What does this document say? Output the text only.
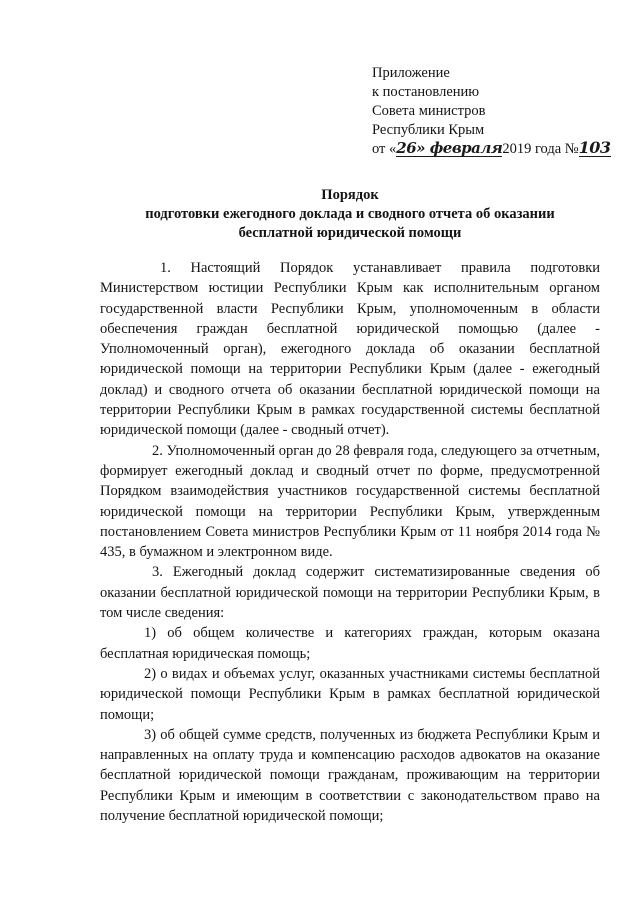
Приложение
к постановлению
Совета министров
Республики Крым
от «26» февраля2019 года №103
Порядок
подготовки ежегодного доклада и сводного отчета об оказании
бесплатной юридической помощи

1. Настоящий Порядок устанавливает правила подготовки Министерством юстиции Республики Крым как исполнительным органом государственной власти Республики Крым, уполномоченным в области обеспечения граждан бесплатной юридической помощью (далее - Уполномоченный орган), ежегодного доклада об оказании бесплатной юридической помощи на территории Республики Крым (далее - ежегодный доклад) и сводного отчета об оказании бесплатной юридической помощи на территории Республики Крым в рамках государственной системы бесплатной юридической помощи (далее - сводный отчет).

2. Уполномоченный орган до 28 февраля года, следующего за отчетным, формирует ежегодный доклад и сводный отчет по форме, предусмотренной Порядком взаимодействия участников государственной системы бесплатной юридической помощи на территории Республики Крым, утвержденным постановлением Совета министров Республики Крым от 11 ноября 2014 года № 435, в бумажном и электронном виде.

3. Ежегодный доклад содержит систематизированные сведения об оказании бесплатной юридической помощи на территории Республики Крым, в том числе сведения:

1) об общем количестве и категориях граждан, которым оказана бесплатная юридическая помощь;

2) о видах и объемах услуг, оказанных участниками системы бесплатной юридической помощи Республики Крым в рамках бесплатной юридической помощи;

3) об общей сумме средств, полученных из бюджета Республики Крым и направленных на оплату труда и компенсацию расходов адвокатов на оказание бесплатной юридической помощи гражданам, проживающим на территории Республики Крым и имеющим в соответствии с законодательством право на получение бесплатной юридической помощи;
